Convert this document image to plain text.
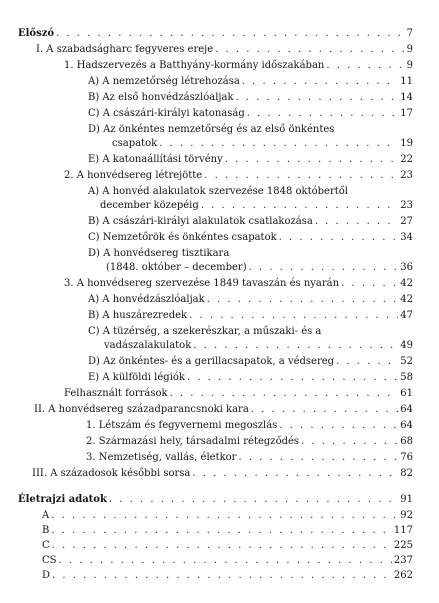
Előszó . . .	7
I. A szabadságharc fegyveres ereje . . .	9
1. Hadszervezés a Batthyány-kormány időszakában . . .	9
A) A nemzetőrség létrehozása . . .	11
B) Az első honvédzászlóaljak . . .	14
C) A császári-királyi katonaság . . .	17
D) Az önkéntes nemzetőrség és az első önkéntes
csapatok . . .	19
E) A katonaállítási törvény . . .	22
2. A honvédsereg létrejötte . . .	23
A) A honvéd alakulatok szervezése 1848 októbertől
december közepéig . . .	23
B) A császári-királyi alakulatok csatlakozása . . .	27
C) Nemzetőrök és önkéntes csapatok . . .	34
D) A honvédsereg tisztikara
(1848. október – december) . . .	36
3. A honvédsereg szervezése 1849 tavaszán és nyarán . . .	42
A) A honvédzászlóaljak . . .	42
B) A huszárezredek . . .	47
C) A tüzérség, a szekerészkar, a műszaki- és a
vadászalakulatok . . .	49
D) Az önkéntes- és a gerillacsapatok, a védsereg . . .	52
E) A külföldi légiók . . .	58
Felhasznált források . . .	61
II. A honvédsereg századparancsnoki kara . . .	64
1. Létszám és fegyvernemi megoszlás . . .	64
2. Származási hely, társadalmi rétegződés . . .	68
3. Nemzetiség, vallás, életkor . . .	76
III. A századosok későbbi sorsa . . .	82
Életrajzi adatok . . .	91
A . . .	92
B . . .	117
C . . .	225
CS . . .	237
D . . .	262
